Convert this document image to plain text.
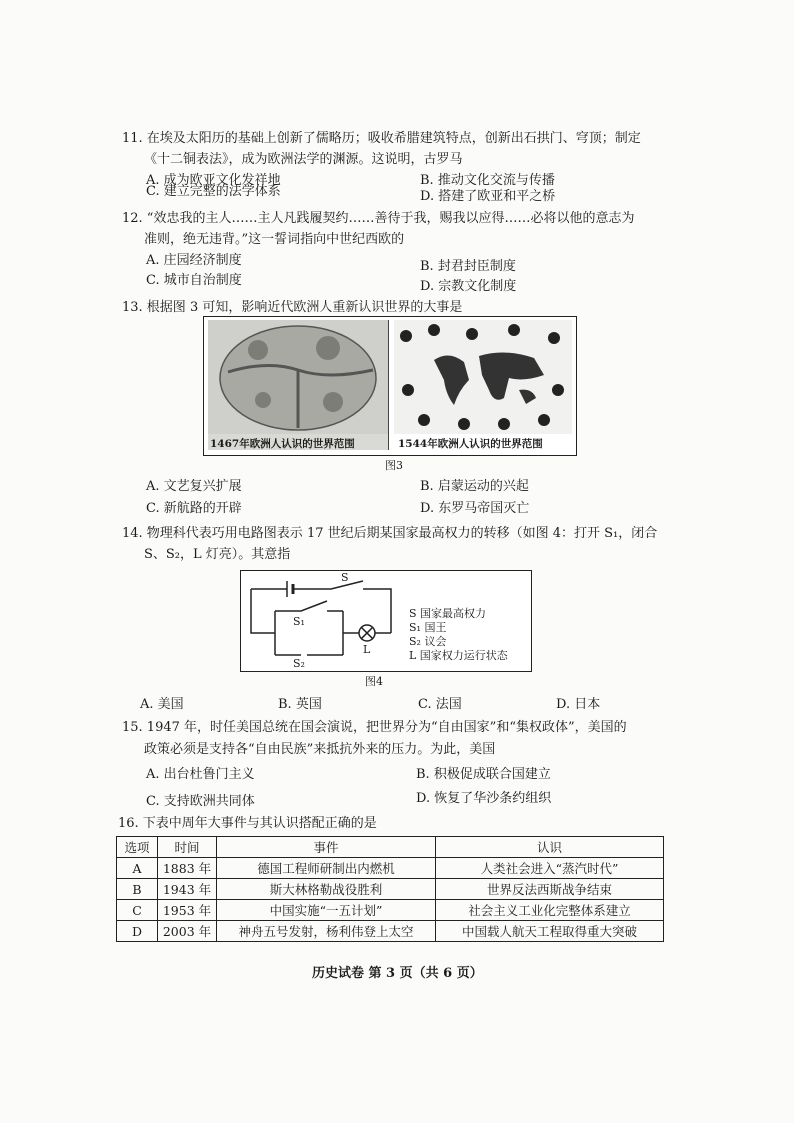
11. 在埃及太阳历的基础上创新了儒略历；吸收希腊建筑特点，创新出石拱门、穹顶；制定
《十二铜表法》，成为欧洲法学的渊源。这说明，古罗马
A. 成为欧亚文化发祥地	B. 推动文化交流与传播
C. 建立完整的法学体系	D. 搭建了欧亚和平之桥
12. “效忠我的主人……主人凡践履契约……善待于我，赐我以应得……必将以他的意志为
准则，绝无违背。”这一誓词指向中世纪西欧的
A. 庄园经济制度	B. 封君封臣制度
C. 城市自治制度	D. 宗教文化制度
13. 根据图 3 可知，影响近代欧洲人重新认识世界的大事是
1467年欧洲人认识的世界范围	1544年欧洲人认识的世界范围
图3
A. 文艺复兴扩展	B. 启蒙运动的兴起
C. 新航路的开辟	D. 东罗马帝国灭亡
14. 物理科代表巧用电路图表示 17 世纪后期某国家最高权力的转移（如图 4：打开 S₁，闭合
S、S₂，L 灯亮）。其意指
S
S₁
S₂
L
S 国家最高权力
S₁ 国王
S₂ 议会
L 国家权力运行状态
图4
A. 美国	B. 英国	C. 法国	D. 日本
15. 1947 年，时任美国总统在国会演说，把世界分为“自由国家”和“集权政体”，美国的
政策必须是支持各“自由民族”来抵抗外来的压力。为此，美国
A. 出台杜鲁门主义	B. 积极促成联合国建立
C. 支持欧洲共同体	D. 恢复了华沙条约组织
16. 下表中周年大事件与其认识搭配正确的是
选项	时间	事件	认识
A	1883 年	德国工程师研制出内燃机	人类社会进入“蒸汽时代”
B	1943 年	斯大林格勒战役胜利	世界反法西斯战争结束
C	1953 年	中国实施“一五计划”	社会主义工业化完整体系建立
D	2003 年	神舟五号发射，杨利伟登上太空	中国载人航天工程取得重大突破
历史试卷 第 3 页（共 6 页）
